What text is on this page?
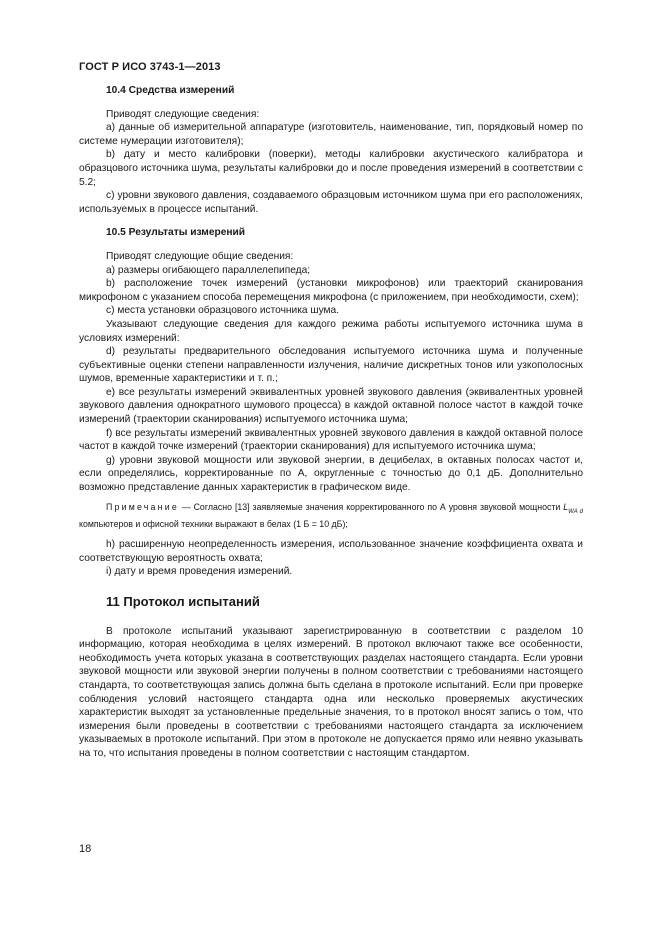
ГОСТ Р ИСО 3743-1—2013
10.4 Средства измерений

Приводят следующие сведения:

a) данные об измерительной аппаратуре (изготовитель, наименование, тип, порядковый номер по системе нумерации изготовителя);

b) дату и место калибровки (поверки), методы калибровки акустического калибратора и образцового источника шума, результаты калибровки до и после проведения измерений в соответствии с 5.2;

c) уровни звукового давления, создаваемого образцовым источником шума при его расположениях, используемых в процессе испытаний.

10.5 Результаты измерений

Приводят следующие общие сведения:

a) размеры огибающего параллелепипеда;

b) расположение точек измерений (установки микрофонов) или траекторий сканирования микрофоном с указанием способа перемещения микрофона (с приложением, при необходимости, схем);

c) места установки образцового источника шума.

Указывают следующие сведения для каждого режима работы испытуемого источника шума в условиях измерений:

d) результаты предварительного обследования испытуемого источника шума и полученные субъективные оценки степени направленности излучения, наличие дискретных тонов или узкополосных шумов, временные характеристики и т. п.;

e) все результаты измерений эквивалентных уровней звукового давления (эквивалентных уровней звукового давления однократного шумового процесса) в каждой октавной полосе частот в каждой точке измерений (траектории сканирования) испытуемого источника шума;

f) все результаты измерений эквивалентных уровней звукового давления в каждой октавной полосе частот в каждой точке измерений (траектории сканирования) для испытуемого источника шума;

g) уровни звуковой мощности или звуковой энергии, в децибелах, в октавных полосах частот и, если определялись, корректированные по А, округленные с точностью до 0,1 дБ. Дополнительно возможно представление данных характеристик в графическом виде.

Примечание — Согласно [13] заявляемые значения корректированного по А уровня звуковой мощности $L_{WA d}$ компьютеров и офисной техники выражают в белах (1 Б = 10 дБ);

h) расширенную неопределенность измерения, использованное значение коэффициента охвата и соответствующую вероятность охвата;

i) дату и время проведения измерений.

11 Протокол испытаний

В протоколе испытаний указывают зарегистрированную в соответствии с разделом 10 информацию, которая необходима в целях измерений. В протокол включают также все особенности, необходимость учета которых указана в соответствующих разделах настоящего стандарта. Если уровни звуковой мощности или звуковой энергии получены в полном соответствии с требованиями настоящего стандарта, то соответствующая запись должна быть сделана в протоколе испытаний. Если при проверке соблюдения условий настоящего стандарта одна или несколько проверяемых акустических характеристик выходят за установленные предельные значения, то в протокол вносят запись о том, что измерения были проведены в соответствии с требованиями настоящего стандарта за исключением указываемых в протоколе испытаний. При этом в протоколе не допускается прямо или неявно указывать на то, что испытания проведены в полном соответствии с настоящим стандартом.

18
